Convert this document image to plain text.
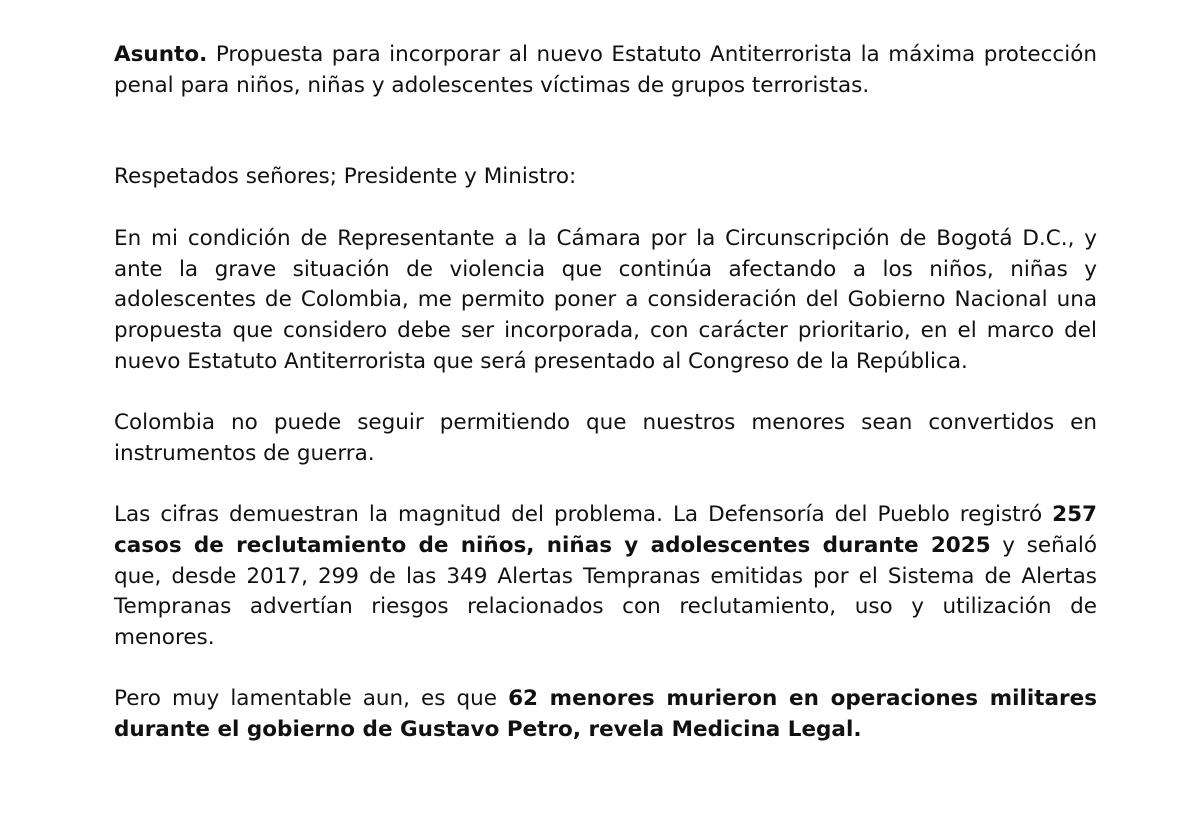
Asunto. Propuesta para incorporar al nuevo Estatuto Antiterrorista la máxima protección penal para niños, niñas y adolescentes víctimas de grupos terroristas.

Respetados señores; Presidente y Ministro:

En mi condición de Representante a la Cámara por la Circunscripción de Bogotá D.C., y ante la grave situación de violencia que continúa afectando a los niños, niñas y adolescentes de Colombia, me permito poner a consideración del Gobierno Nacional una propuesta que considero debe ser incorporada, con carácter prioritario, en el marco del nuevo Estatuto Antiterrorista que será presentado al Congreso de la República.

Colombia no puede seguir permitiendo que nuestros menores sean convertidos en instrumentos de guerra.

Las cifras demuestran la magnitud del problema. La Defensoría del Pueblo registró 257 casos de reclutamiento de niños, niñas y adolescentes durante 2025 y señaló que, desde 2017, 299 de las 349 Alertas Tempranas emitidas por el Sistema de Alertas Tempranas advertían riesgos relacionados con reclutamiento, uso y utilización de menores.

Pero muy lamentable aun, es que 62 menores murieron en operaciones militares durante el gobierno de Gustavo Petro, revela Medicina Legal.
